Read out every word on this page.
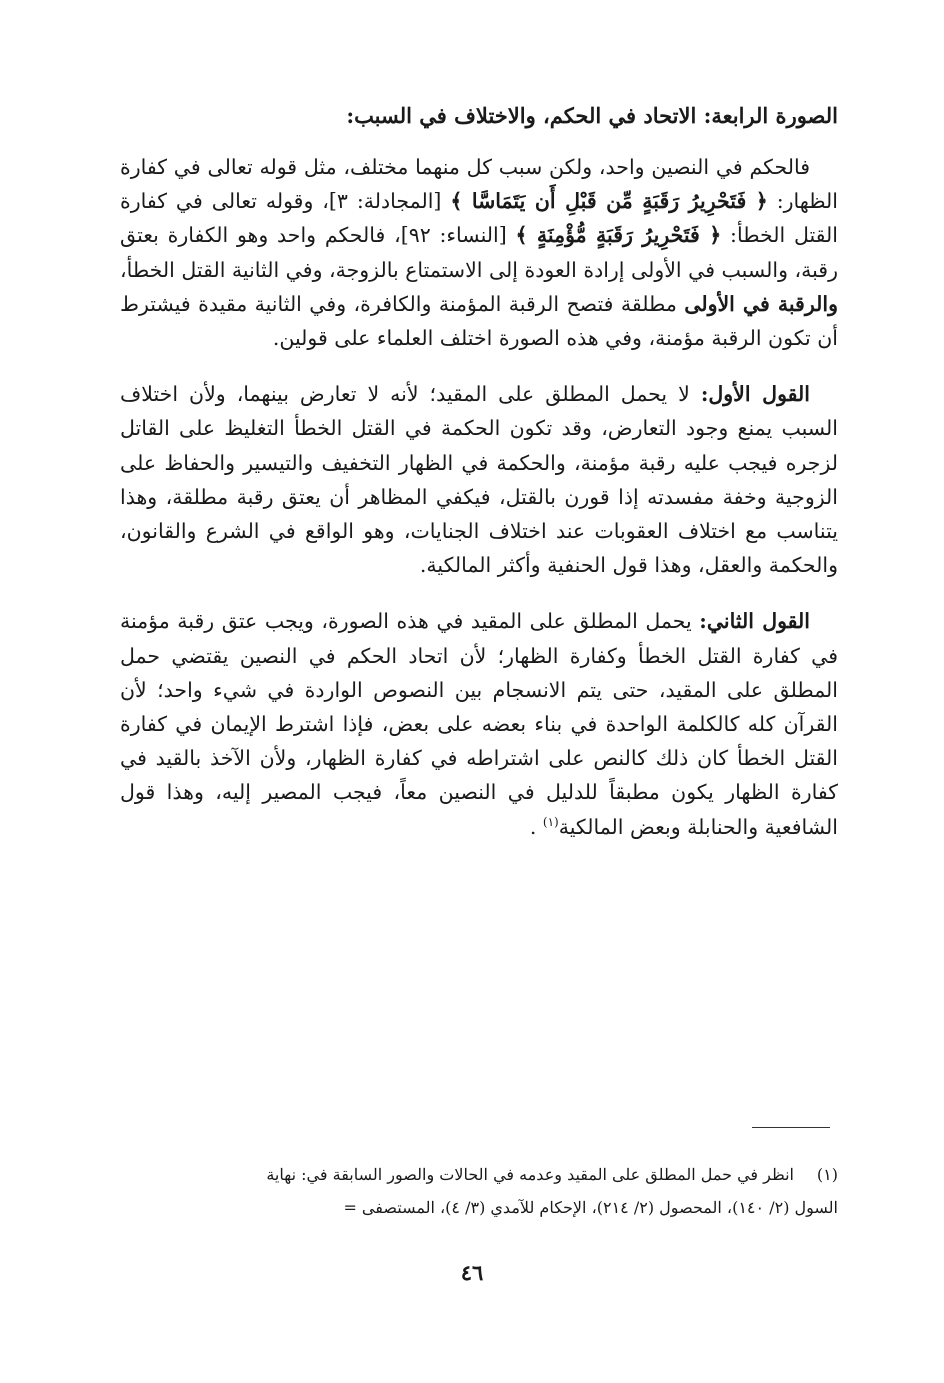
الصورة الرابعة: الاتحاد في الحكم، والاختلاف في السبب:

فالحكم في النصين واحد، ولكن سبب كل منهما مختلف، مثل قوله تعالى في كفارة الظهار: ﴿ فَتَحْرِيرُ رَقَبَةٍ مِّن قَبْلِ أَن يَتَمَاسَّا ﴾ [المجادلة: ٣]، وقوله تعالى في كفارة القتل الخطأ: ﴿ فَتَحْرِيرُ رَقَبَةٍ مُّؤْمِنَةٍ ﴾ [النساء: ٩٢]، فالحكم واحد وهو الكفارة بعتق رقبة، والسبب في الأولى إرادة العودة إلى الاستمتاع بالزوجة، وفي الثانية القتل الخطأ، والرقبة في الأولى مطلقة فتصح الرقبة المؤمنة والكافرة، وفي الثانية مقيدة فيشترط أن تكون الرقبة مؤمنة، وفي هذه الصورة اختلف العلماء على قولين.

القول الأول: لا يحمل المطلق على المقيد؛ لأنه لا تعارض بينهما، ولأن اختلاف السبب يمنع وجود التعارض، وقد تكون الحكمة في القتل الخطأ التغليظ على القاتل لزجره فيجب عليه رقبة مؤمنة، والحكمة في الظهار التخفيف والتيسير والحفاظ على الزوجية وخفة مفسدته إذا قورن بالقتل، فيكفي المظاهر أن يعتق رقبة مطلقة، وهذا يتناسب مع اختلاف العقوبات عند اختلاف الجنايات، وهو الواقع في الشرع والقانون، والحكمة والعقل، وهذا قول الحنفية وأكثر المالكية.

القول الثاني: يحمل المطلق على المقيد في هذه الصورة، ويجب عتق رقبة مؤمنة في كفارة القتل الخطأ وكفارة الظهار؛ لأن اتحاد الحكم في النصين يقتضي حمل المطلق على المقيد، حتى يتم الانسجام بين النصوص الواردة في شيء واحد؛ لأن القرآن كله كالكلمة الواحدة في بناء بعضه على بعض، فإذا اشترط الإيمان في كفارة القتل الخطأ كان ذلك كالنص على اشتراطه في كفارة الظهار، ولأن الآخذ بالقيد في كفارة الظهار يكون مطبقاً للدليل في النصين معاً، فيجب المصير إليه، وهذا قول الشافعية والحنابلة وبعض المالكية$^{(١)}$ .

(١)انظر في حمل المطلق على المقيد وعدمه في الحالات والصور السابقة في: نهاية
السول (٢/ ١٤٠)، المحصول (٢/ ٢١٤)، الإحكام للآمدي (٣/ ٤)، المستصفى =
٤٦
